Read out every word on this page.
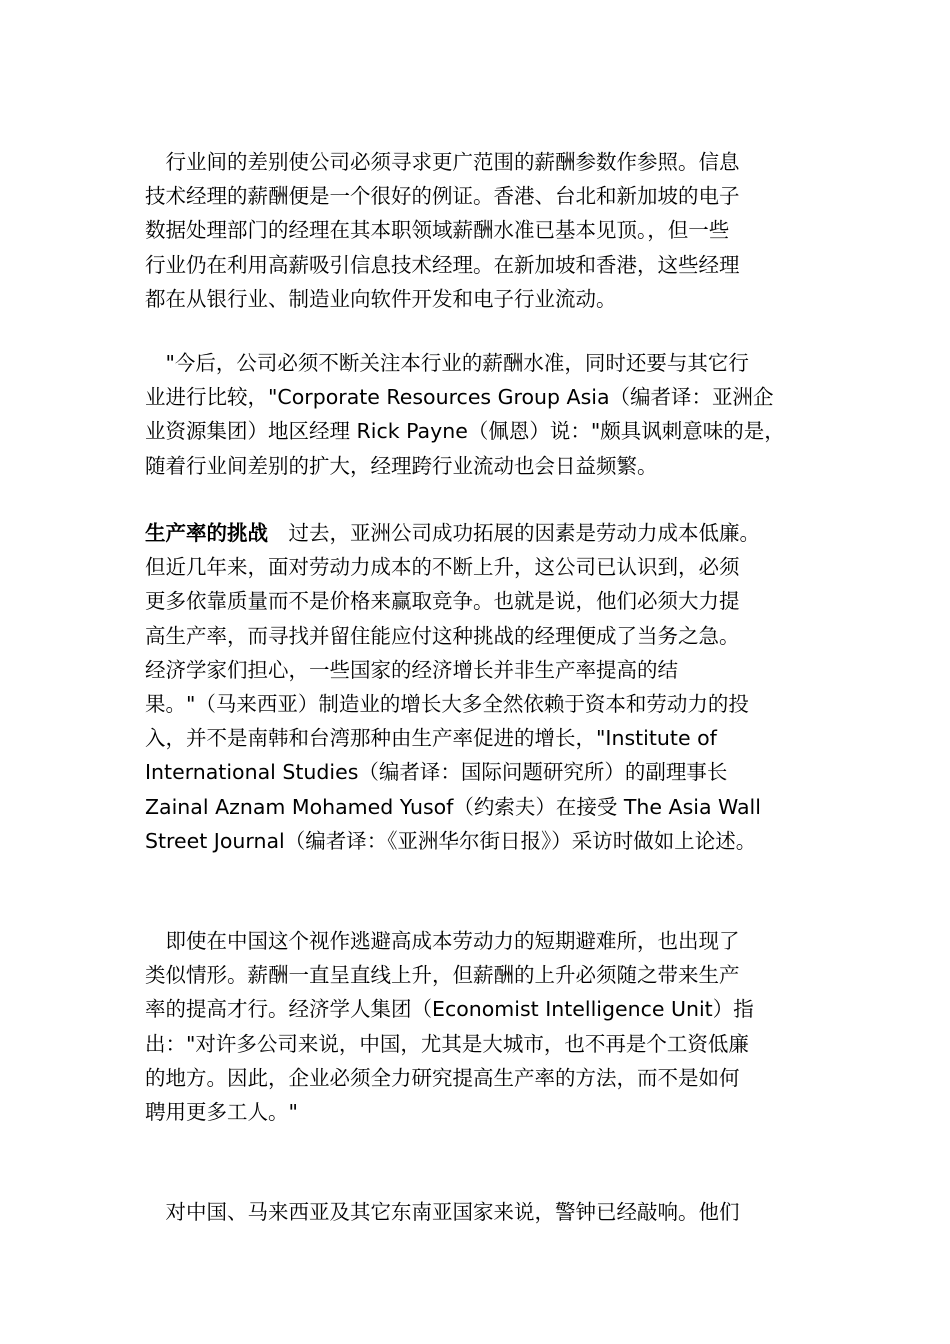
　行业间的差别使公司必须寻求更广范围的薪酬参数作参照。信息
技术经理的薪酬便是一个很好的例证。香港、台北和新加坡的电子
数据处理部门的经理在其本职领域薪酬水准已基本见顶。，但一些
行业仍在利用高薪吸引信息技术经理。在新加坡和香港，这些经理
都在从银行业、制造业向软件开发和电子行业流动。
　"今后，公司必须不断关注本行业的薪酬水准，同时还要与其它行
业进行比较，"Corporate Resources Group Asia（编者译：亚洲企
业资源集团）地区经理 Rick Payne（佩恩）说："颇具讽刺意味的是，
随着行业间差别的扩大，经理跨行业流动也会日益频繁。
生产率的挑战　过去，亚洲公司成功拓展的因素是劳动力成本低廉。
但近几年来，面对劳动力成本的不断上升，这公司已认识到，必须
更多依靠质量而不是价格来赢取竞争。也就是说，他们必须大力提
高生产率，而寻找并留住能应付这种挑战的经理便成了当务之急。
经济学家们担心，一些国家的经济增长并非生产率提高的结
果。"（马来西亚）制造业的增长大多全然依赖于资本和劳动力的投
入，并不是南韩和台湾那种由生产率促进的增长，"Institute of
International Studies（编者译：国际问题研究所）的副理事长
Zainal Aznam Mohamed Yusof（约索夫）在接受 The Asia Wall
Street Journal（编者译：《亚洲华尔街日报》）采访时做如上论述。
　即使在中国这个视作逃避高成本劳动力的短期避难所，也出现了
类似情形。薪酬一直呈直线上升，但薪酬的上升必须随之带来生产
率的提高才行。经济学人集团（Economist Intelligence Unit）指
出："对许多公司来说，中国，尤其是大城市，也不再是个工资低廉
的地方。因此，企业必须全力研究提高生产率的方法，而不是如何
聘用更多工人。"
　对中国、马来西亚及其它东南亚国家来说，警钟已经敲响。他们
